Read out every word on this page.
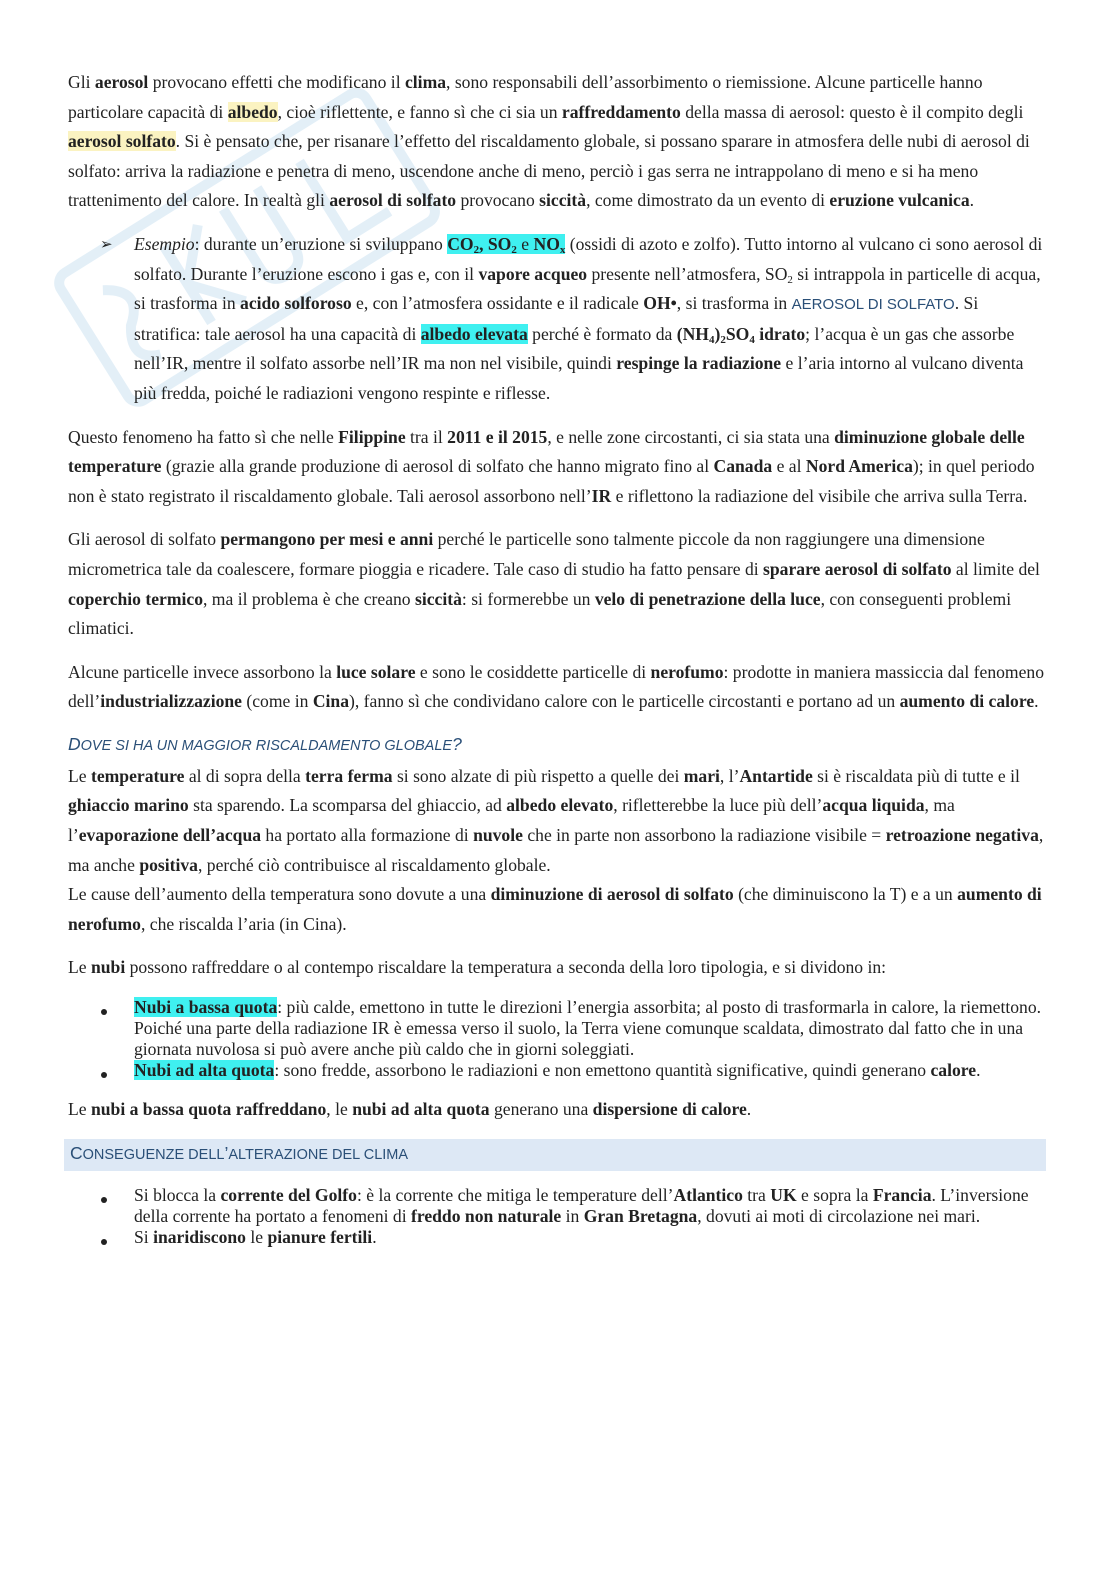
Gli aerosol provocano effetti che modificano il clima, sono responsabili dell’assorbimento o riemissione. Alcune particelle hanno particolare capacità di albedo, cioè riflettente, e fanno sì che ci sia un raffreddamento della massa di aerosol: questo è il compito degli aerosol solfato. Si è pensato che, per risanare l’effetto del riscaldamento globale, si possano sparare in atmosfera delle nubi di aerosol di solfato: arriva la radiazione e penetra di meno, uscendone anche di meno, perciò i gas serra ne intrappolano di meno e si ha meno trattenimento del calore. In realtà gli aerosol di solfato provocano siccità, come dimostrato da un evento di eruzione vulcanica.

➢ Esempio: durante un’eruzione si sviluppano $CO_2$, $SO_2$ e $NO_x$ (ossidi di azoto e zolfo). Tutto intorno al vulcano ci sono aerosol di solfato. Durante l’eruzione escono i gas e, con il vapore acqueo presente nell’atmosfera, $SO_2$ si intrappola in particelle di acqua, si trasforma in acido solforoso e, con l’atmosfera ossidante e il radicale OH•, si trasforma in AEROSOL DI SOLFATO. Si stratifica: tale aerosol ha una capacità di albedo elevata perché è formato da $(NH_4)_2SO_4$ idrato; l’acqua è un gas che assorbe nell’IR, mentre il solfato assorbe nell’IR ma non nel visibile, quindi respinge la radiazione e l’aria intorno al vulcano diventa più fredda, poiché le radiazioni vengono respinte e riflesse.

Questo fenomeno ha fatto sì che nelle Filippine tra il 2011 e il 2015, e nelle zone circostanti, ci sia stata una diminuzione globale delle temperature (grazie alla grande produzione di aerosol di solfato che hanno migrato fino al Canada e al Nord America); in quel periodo non è stato registrato il riscaldamento globale. Tali aerosol assorbono nell’IR e riflettono la radiazione del visibile che arriva sulla Terra.

Gli aerosol di solfato permangono per mesi e anni perché le particelle sono talmente piccole da non raggiungere una dimensione micrometrica tale da coalescere, formare pioggia e ricadere. Tale caso di studio ha fatto pensare di sparare aerosol di solfato al limite del coperchio termico, ma il problema è che creano siccità: si formerebbe un velo di penetrazione della luce, con conseguenti problemi climatici.

Alcune particelle invece assorbono la luce solare e sono le cosiddette particelle di nerofumo: prodotte in maniera massiccia dal fenomeno dell’industrializzazione (come in Cina), fanno sì che condividano calore con le particelle circostanti e portano ad un aumento di calore.

DOVE SI HA UN MAGGIOR RISCALDAMENTO GLOBALE?

Le temperature al di sopra della terra ferma si sono alzate di più rispetto a quelle dei mari, l’Antartide si è riscaldata più di tutte e il ghiaccio marino sta sparendo. La scomparsa del ghiaccio, ad albedo elevato, rifletterebbe la luce più dell’acqua liquida, ma l’evaporazione dell’acqua ha portato alla formazione di nuvole che in parte non assorbono la radiazione visibile = retroazione negativa, ma anche positiva, perché ciò contribuisce al riscaldamento globale.
Le cause dell’aumento della temperatura sono dovute a una diminuzione di aerosol di solfato (che diminuiscono la T) e a un aumento di nerofumo, che riscalda l’aria (in Cina).

Le nubi possono raffreddare o al contempo riscaldare la temperatura a seconda della loro tipologia, e si dividono in:

Nubi a bassa quota: più calde, emettono in tutte le direzioni l’energia assorbita; al posto di trasformarla in calore, la riemettono. Poiché una parte della radiazione IR è emessa verso il suolo, la Terra viene comunque scaldata, dimostrato dal fatto che in una giornata nuvolosa si può avere anche più caldo che in giorni soleggiati.
Nubi ad alta quota: sono fredde, assorbono le radiazioni e non emettono quantità significative, quindi generano calore.

Le nubi a bassa quota raffreddano, le nubi ad alta quota generano una dispersione di calore.

CONSEGUENZE DELL’ALTERAZIONE DEL CLIMA
Si blocca la corrente del Golfo: è la corrente che mitiga le temperature dell’Atlantico tra UK e sopra la Francia. L’inversione della corrente ha portato a fenomeni di freddo non naturale in Gran Bretagna, dovuti ai moti di circolazione nei mari.
Si inaridiscono le pianure fertili.
